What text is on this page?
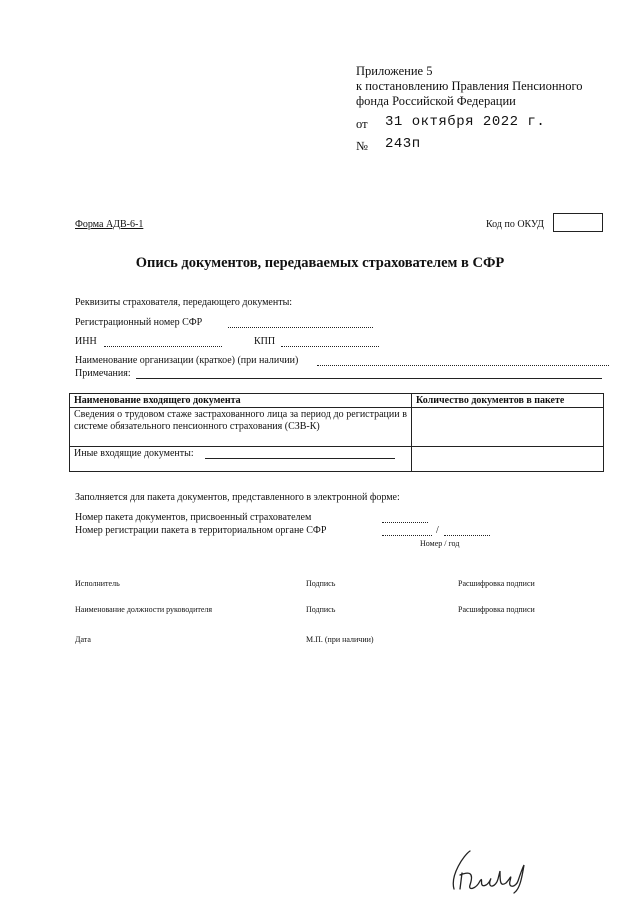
Приложение 5
к постановлению Правления Пенсионного
фонда Российской Федерации
от 31 октября 2022 г.
№ 243п
Форма АДВ-6-1	Код по ОКУД
Опись документов, передаваемых страхователем в СФР
Реквизиты страхователя, передающего документы:
Регистрационный номер СФР
ИНН	КПП
Наименование организации (краткое) (при наличии)
Примечания:
Наименование входящего документа	Количество документов в пакете
Сведения о трудовом стаже застрахованного лица за период до регистрации в системе обязательного пенсионного страхования (СЗВ-К)	
Иные входящие документы:

Заполняется для пакета документов, представленного в электронной форме:
Номер пакета документов, присвоенный страхователем
Номер регистрации пакета в территориальном органе СФР	/
Номер / год
Исполнитель	Подпись	Расшифровка подписи
Наименование должности руководителя	Подпись	Расшифровка подписи
Дата	М.П. (при наличии)
